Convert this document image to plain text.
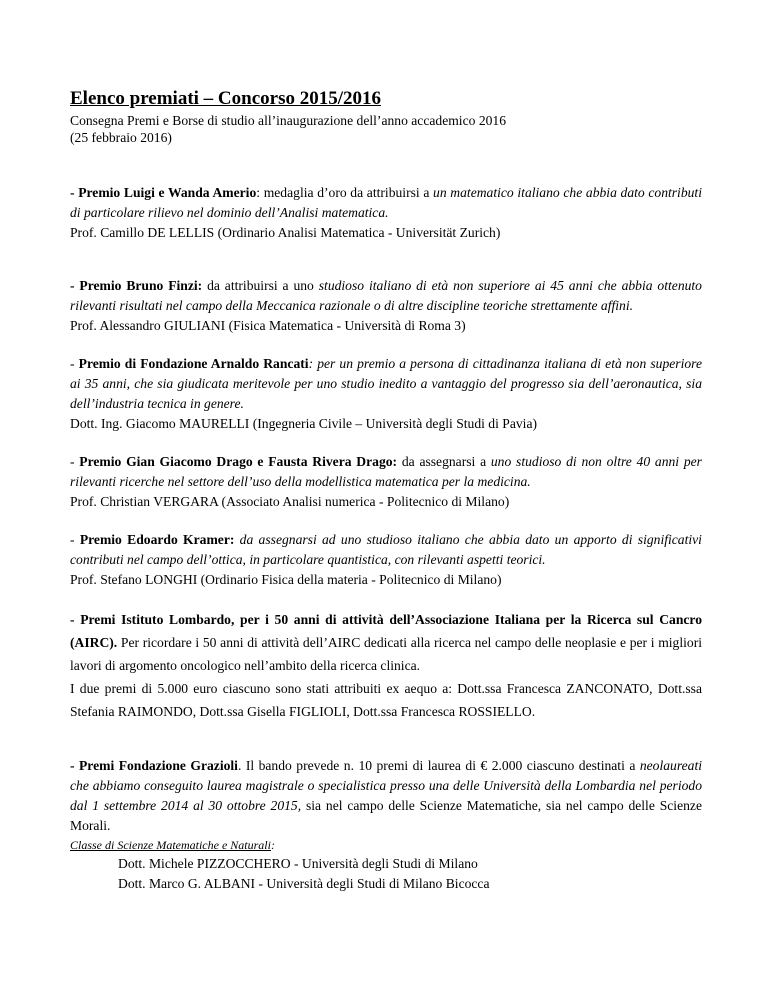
Elenco premiati – Concorso 2015/2016

Consegna Premi e Borse di studio all’inaugurazione dell’anno accademico 2016
(25 febbraio 2016)

- Premio Luigi e Wanda Amerio: medaglia d’oro da attribuirsi a un matematico italiano che abbia dato contributi di particolare rilievo nel dominio dell’Analisi matematica.

Prof. Camillo DE LELLIS (Ordinario Analisi Matematica - Universität Zurich)

- Premio Bruno Finzi: da attribuirsi a uno studioso italiano di età non superiore ai 45 anni che abbia ottenuto rilevanti risultati nel campo della Meccanica razionale o di altre discipline teoriche strettamente affini.

Prof. Alessandro GIULIANI (Fisica Matematica - Università di Roma 3)

- Premio di Fondazione Arnaldo Rancati: per un premio a persona di cittadinanza italiana di età non superiore ai 35 anni, che sia giudicata meritevole per uno studio inedito a vantaggio del progresso sia dell’aeronautica, sia dell’industria tecnica in genere.

Dott. Ing. Giacomo MAURELLI (Ingegneria Civile – Università degli Studi di Pavia)

- Premio Gian Giacomo Drago e Fausta Rivera Drago: da assegnarsi a uno studioso di non oltre 40 anni per rilevanti ricerche nel settore dell’uso della modellistica matematica per la medicina.

Prof. Christian VERGARA (Associato Analisi numerica - Politecnico di Milano)

- Premio Edoardo Kramer: da assegnarsi ad uno studioso italiano che abbia dato un apporto di significativi contributi nel campo dell’ottica, in particolare quantistica, con rilevanti aspetti teorici.

Prof. Stefano LONGHI (Ordinario Fisica della materia - Politecnico di Milano)

- Premi Istituto Lombardo, per i 50 anni di attività dell’Associazione Italiana per la Ricerca sul Cancro (AIRC). Per ricordare i 50 anni di attività dell’AIRC dedicati alla ricerca nel campo delle neoplasie e per i migliori lavori di argomento oncologico nell’ambito della ricerca clinica.

I due premi di 5.000 euro ciascuno sono stati attribuiti ex aequo a: Dott.ssa Francesca ZANCONATO, Dott.ssa Stefania RAIMONDO, Dott.ssa Gisella FIGLIOLI, Dott.ssa Francesca ROSSIELLO.

- Premi Fondazione Grazioli. Il bando prevede n. 10 premi di laurea di € 2.000 ciascuno destinati a neolaureati che abbiamo conseguito laurea magistrale o specialistica presso una delle Università della Lombardia nel periodo dal 1 settembre 2014 al 30 ottobre 2015, sia nel campo delle Scienze Matematiche, sia nel campo delle Scienze Morali.

Classe di Scienze Matematiche e Naturali:

Dott. Michele PIZZOCCHERO - Università degli Studi di Milano

Dott. Marco G. ALBANI - Università degli Studi di Milano Bicocca
